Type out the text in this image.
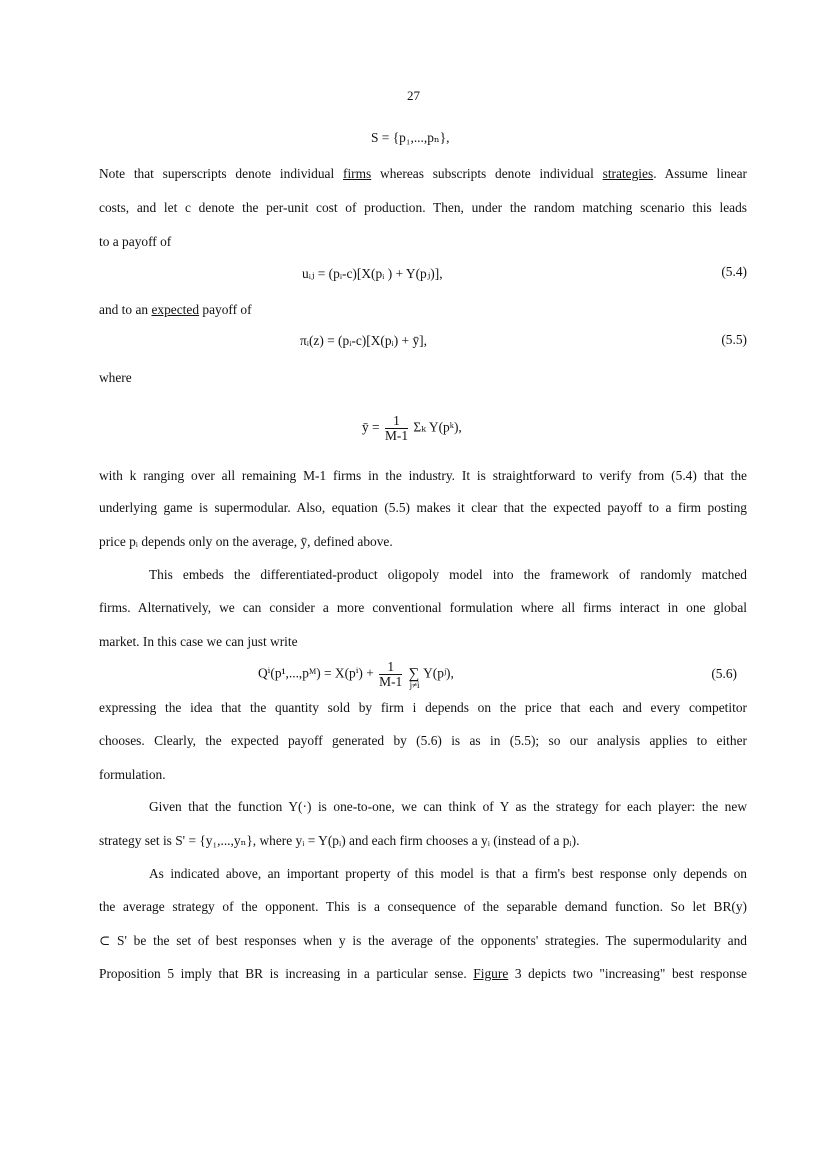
27
S = {p₁,...,pₙ},
Note that superscripts denote individual firms whereas subscripts denote individual strategies. Assume linear
costs, and let c denote the per-unit cost of production. Then, under the random matching scenario this leads
to a payoff of
uᵢⱼ = (pᵢ-c)[X(pᵢ ) + Y(pⱼ)],	(5.4)
and to an expected payoff of
πᵢ(z) = (pᵢ-c)[X(pᵢ) + ȳ],	(5.5)
where
ȳ = $\frac{1}{M-1}$ Σₖ Y(pᵏ),
with k ranging over all remaining M-1 firms in the industry. It is straightforward to verify from (5.4) that the
underlying game is supermodular. Also, equation (5.5) makes it clear that the expected payoff to a firm posting
price pᵢ depends only on the average, ȳ, defined above.
This embeds the differentiated-product oligopoly model into the framework of randomly matched
firms. Alternatively, we can consider a more conventional formulation where all firms interact in one global
market. In this case we can just write
Qⁱ(p¹,...,pᴹ) = $X(p^i) + \frac{1}{M-1}$ ∑
j≠i
Y(pʲ),	(5.6)
expressing the idea that the quantity sold by firm i depends on the price that each and every competitor
chooses. Clearly, the expected payoff generated by (5.6) is as in (5.5); so our analysis applies to either
formulation.
Given that the function Y(·) is one-to-one, we can think of Y as the strategy for each player: the new
strategy set is S' = {y₁,...,yₙ}, where yᵢ = Y(pᵢ) and each firm chooses a yᵢ (instead of a pᵢ).
As indicated above, an important property of this model is that a firm's best response only depends on
the average strategy of the opponent. This is a consequence of the separable demand function. So let BR(y)
⊂ S' be the set of best responses when y is the average of the opponents' strategies. The supermodularity and
Proposition 5 imply that BR is increasing in a particular sense. Figure 3 depicts two "increasing" best response
